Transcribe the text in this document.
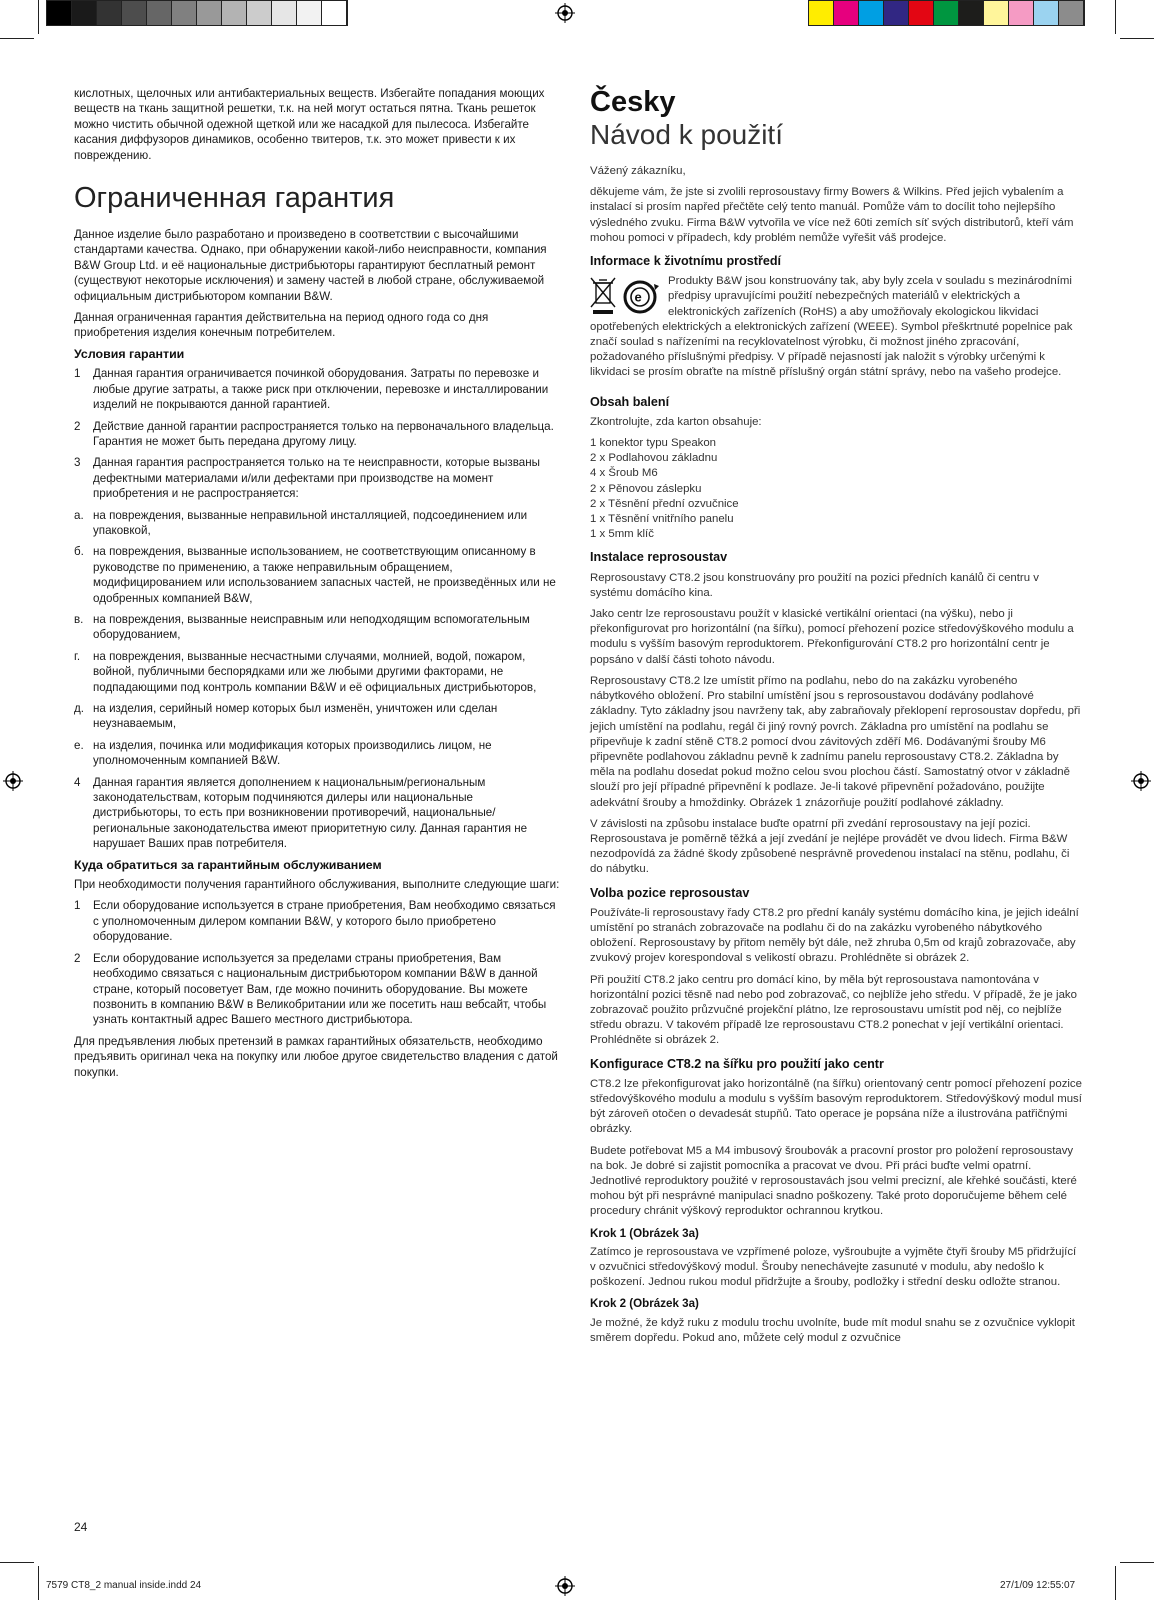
кислотных, щелочных или антибактериальных веществ. Избегайте попадания моющих веществ на ткань защитной решетки, т.к. на ней могут остаться пятна. Ткань решеток можно чистить обычной одежной щеткой или же насадкой для пылесоса. Избегайте касания диффузоров динамиков, особенно твитеров, т.к. это может привести к их повреждению.

Ограниченная гарантия

Данное изделие было разработано и произведено в соответствии с высочайшими стандартами качества. Однако, при обнаружении какой-либо неисправности, компания B&W Group Ltd. и её национальные дистрибьюторы гарантируют бесплатный ремонт (существуют некоторые исключения) и замену частей в любой стране, обслуживаемой официальным дистрибьютором компании B&W.

Данная ограниченная гарантия действительна на период одного года со дня приобретения изделия конечным потребителем.

Условия гарантии
1	Данная гарантия ограничивается починкой оборудования. Затраты по перевозке и любые другие затраты, а также риск при отключении, перевозке и инсталлировании изделий не покрываются данной гарантией.
2	Действие данной гарантии распространяется только на первоначального владельца. Гарантия не может быть передана другому лицу.
3	Данная гарантия распространяется только на те неисправности, которые вызваны дефектными материалами и/или дефектами при производстве на момент приобретения и не распространяется:
а. на повреждения, вызванные неправильной инсталляцией, подсоединением или упаковкой,
б. на повреждения, вызванные использованием, не соответствующим описанному в руководстве по применению, а также неправильным обращением, модифицированием или использованием запасных частей, не произведённых или не одобренных компанией B&W,
в. на повреждения, вызванные неисправным или неподходящим вспомогательным оборудованием,
г.	на повреждения, вызванные несчастными случаями, молнией, водой, пожаром, войной, публичными беспорядками или же любыми другими факторами, не подпадающими под контроль компании B&W и её официальных дистрибьюторов,
д. на изделия, серийный номер которых был изменён, уничтожен или сделан неузнаваемым,
е. на изделия, починка или модификация которых производились лицом, не уполномоченным компанией B&W.
4	Данная гарантия является дополнением к национальным/региональным законодательствам, которым подчиняются дилеры или национальные дистрибьюторы, то есть при возникновении противоречий, национальные/региональные законодательства имеют приоритетную силу. Данная гарантия не нарушает Ваших прав потребителя.
Куда обратиться за гарантийным обслуживанием

При необходимости получения гарантийного обслуживания, выполните следующие шаги:

1	Если оборудование используется в стране приобретения, Вам необходимо связаться с уполномоченным дилером компании B&W, у которого было приобретено оборудование.
2	Если оборудование используется за пределами страны приобретения, Вам необходимо связаться с национальным дистрибьютором компании B&W в данной стране, который посоветует Вам, где можно починить оборудование. Вы можете позвонить в компанию B&W в Великобритании или же посетить наш вебсайт, чтобы узнать контактный адрес Вашего местного дистрибьютора.

Для предъявления любых претензий в рамках гарантийных обязательств, необходимо предъявить оригинал чека на покупку или любое другое свидетельство владения с датой покупки.

Česky
Návod k použití

Vážený zákazníku,

děkujeme vám, že jste si zvolili reprosoustavy firmy Bowers & Wilkins. Před jejich vybalením a instalací si prosím napřed přečtěte celý tento manuál. Pomůže vám to docílit toho nejlepšího výsledného zvuku. Firma B&W vytvořila ve více než 60ti zemích síť svých distributorů, kteří vám mohou pomoci v případech, kdy problém nemůže vyřešit váš prodejce.

Informace k životnímu prostředí
e

Produkty B&W jsou konstruovány tak, aby byly zcela v souladu s mezinárodními předpisy upravujícími použití nebezpečných materiálů v elektrických a elektronických zařízeních (RoHS) a aby umožňovaly ekologickou likvidaci opotřebených elektrických a elektronických zařízení (WEEE). Symbol přeškrtnuté popelnice pak značí soulad s nařízeními na recyklovatelnost výrobku, či možnost jiného zpracování, požadovaného příslušnými předpisy. V případě nejasností jak naložit s výrobky určenými k likvidaci se prosím obraťte na místně příslušný orgán státní správy, nebo na vašeho prodejce.

Obsah balení

Zkontrolujte, zda karton obsahuje:

1 konektor typu Speakon
2 x Podlahovou základnu
4 x Šroub M6
2 x Pěnovou záslepku
2 x Těsnění přední ozvučnice
1 x Těsnění vnitřního panelu
1 x 5mm klíč
Instalace reprosoustav

Reprosoustavy CT8.2 jsou konstruovány pro použití na pozici předních kanálů či centru v systému domácího kina.

Jako centr lze reprosoustavu použít v klasické vertikální orientaci (na výšku), nebo ji překonfigurovat pro horizontální (na šířku), pomocí přehození pozice středovýškového modulu a modulu s vyšším basovým reproduktorem. Překonfigurování CT8.2 pro horizontální centr je popsáno v další části tohoto návodu.

Reprosoustavy CT8.2 lze umístit přímo na podlahu, nebo do na zakázku vyrobeného nábytkového obložení. Pro stabilní umístění jsou s reprosoustavou dodávány podlahové základny. Tyto základny jsou navrženy tak, aby zabraňovaly překlopení reprosoustav dopředu, při jejich umístění na podlahu, regál či jiný rovný povrch. Základna pro umístění na podlahu se připevňuje k zadní stěně CT8.2 pomocí dvou závitových zděří M6. Dodávanými šrouby M6 připevněte podlahovou základnu pevně k zadnímu panelu reprosoustavy CT8.2. Základna by měla na podlahu dosedat pokud možno celou svou plochou částí. Samostatný otvor v základně slouží pro její případné připevnění k podlaze. Je-li takové připevnění požadováno, použijte adekvátní šrouby a hmoždinky. Obrázek 1 znázorňuje použití podlahové základny.

V závislosti na způsobu instalace buďte opatrní při zvedání reprosoustavy na její pozici. Reprosoustava je poměrně těžká a její zvedání je nejlépe provádět ve dvou lidech. Firma B&W nezodpovídá za žádné škody způsobené nesprávně provedenou instalací na stěnu, podlahu, či do nábytku.

Volba pozice reprosoustav

Používáte-li reprosoustavy řady CT8.2 pro přední kanály systému domácího kina, je jejich ideální umístění po stranách zobrazovače na podlahu či do na zakázku vyrobeného nábytkového obložení. Reprosoustavy by přitom neměly být dále, než zhruba 0,5m od krajů zobrazovače, aby zvukový projev korespondoval s velikostí obrazu. Prohlédněte si obrázek 2.

Při použití CT8.2 jako centru pro domácí kino, by měla být reprosoustava namontována v horizontální pozici těsně nad nebo pod zobrazovač, co nejblíže jeho středu. V případě, že je jako zobrazovač použito průzvučné projekční plátno, lze reprosoustavu umístit pod něj, co nejblíže středu obrazu. V takovém případě lze reprosoustavu CT8.2 ponechat v její vertikální orientaci. Prohlédněte si obrázek 2.

Konfigurace CT8.2 na šířku pro použití jako centr

CT8.2 lze překonfigurovat jako horizontálně (na šířku) orientovaný centr pomocí přehození pozice středovýškového modulu a modulu s vyšším basovým reproduktorem. Středovýškový modul musí být zároveň otočen o devadesát stupňů. Tato operace je popsána níže a ilustrována patřičnými obrázky.

Budete potřebovat M5 a M4 imbusový šroubovák a pracovní prostor pro položení reprosoustavy na bok. Je dobré si zajistit pomocníka a pracovat ve dvou. Při práci buďte velmi opatrní. Jednotlivé reproduktory použité v reprosoustavách jsou velmi precizní, ale křehké součásti, které mohou být při nesprávné manipulaci snadno poškozeny. Také proto doporučujeme během celé procedury chránit výškový reproduktor ochrannou krytkou.

Krok 1 (Obrázek 3a)

Zatímco je reprosoustava ve vzpřímené poloze, vyšroubujte a vyjměte čtyři šrouby M5 přidržující v ozvučnici středovýškový modul. Šrouby nenechávejte zasunuté v modulu, aby nedošlo k poškození. Jednou rukou modul přidržujte a šrouby, podložky i střední desku odložte stranou.

Krok 2 (Obrázek 3a)

Je možné, že když ruku z modulu trochu uvolníte, bude mít modul snahu se z ozvučnice vyklopit směrem dopředu. Pokud ano, můžete celý modul z ozvučnice

24
7579 CT8_2 manual inside.indd 24	27/1/09 12:55:07
